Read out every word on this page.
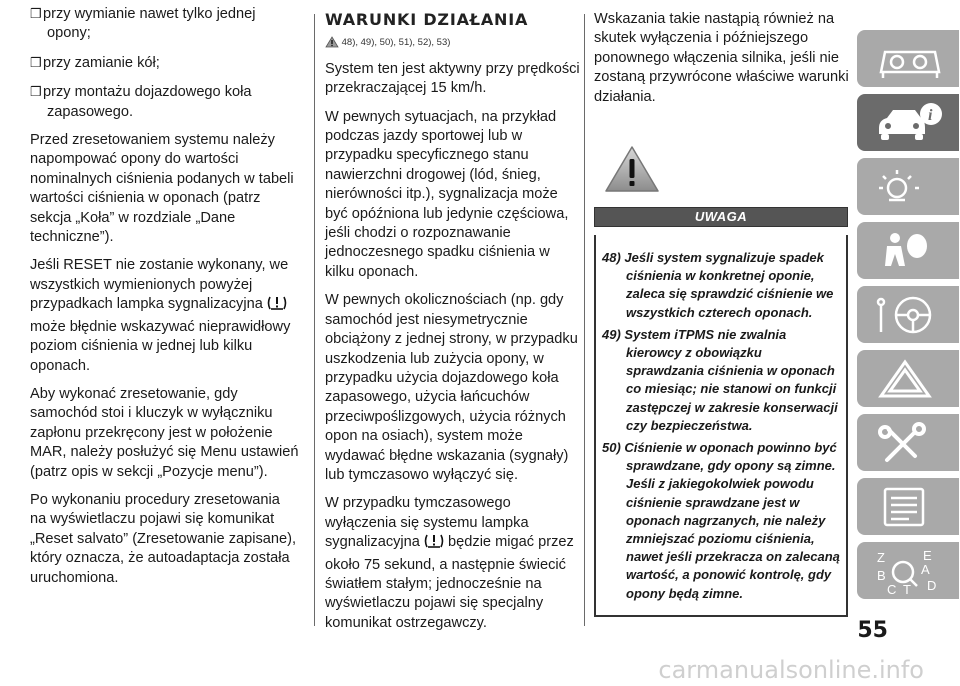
❒przy wymianie nawet tylko jednej opony;
❒przy zamianie kół;
❒przy montażu dojazdowego koła zapasowego.

Przed zresetowaniem systemu należy napompować opony do wartości nominalnych ciśnienia podanych w tabeli wartości ciśnienia w oponach (patrz sekcja „Koła” w rozdziale „Dane techniczne”).

Jeśli RESET nie zostanie wykonany, we wszystkich wymienionych powyżej przypadkach lampka sygnalizacyjna  może błędnie wskazywać nieprawidłowy poziom ciśnienia w jednej lub kilku oponach.

Aby wykonać zresetowanie, gdy samochód stoi i kluczyk w wyłączniku zapłonu przekręcony jest w położenie MAR, należy posłużyć się Menu ustawień (patrz opis w sekcji „Pozycje menu”).

Po wykonaniu procedury zresetowania na wyświetlaczu pojawi się komunikat „Reset salvato” (Zresetowanie zapisane), który oznacza, że autoadaptacja została uruchomiona.

WARUNKI DZIAŁANIA
48), 49), 50), 51), 52), 53)

System ten jest aktywny przy prędkości przekraczającej 15 km/h.

W pewnych sytuacjach, na przykład podczas jazdy sportowej lub w przypadku specyficznego stanu nawierzchni drogowej (lód, śnieg, nierówności itp.), sygnalizacja może być opóźniona lub jedynie częściowa, jeśli chodzi o rozpoznawanie jednoczesnego spadku ciśnienia w kilku oponach.

W pewnych okolicznościach (np. gdy samochód jest niesymetrycznie obciążony z jednej strony, w przypadku uszkodzenia lub zużycia opony, w przypadku użycia dojazdowego koła zapasowego, użycia łańcuchów przeciwpoślizgowych, użycia różnych opon na osiach), system może wydawać błędne wskazania (sygnały) lub tymczasowo wyłączyć się.

W przypadku tymczasowego wyłączenia się systemu lampka sygnalizacyjna będzie migać przez około 75 sekund, a następnie świecić światłem stałym; jednocześnie na wyświetlaczu pojawi się specjalny komunikat ostrzegawczy.

Wskazania takie nastąpią również na skutek wyłączenia i późniejszego ponownego włączenia silnika, jeśli nie zostaną przywrócone właściwe warunki działania.

UWAGA
48) Jeśli system sygnalizuje spadek ciśnienia w konkretnej oponie, zaleca się sprawdzić ciśnienie we wszystkich czterech oponach.
49) System iTPMS nie zwalnia kierowcy z obowiązku sprawdzania ciśnienia w oponach co miesiąc; nie stanowi on funkcji zastępczej w zakresie konserwacji czy bezpieczeństwa.
50) Ciśnienie w oponach powinno być sprawdzane, gdy opony są zimne. Jeśli z jakiegokolwiek powodu ciśnienie sprawdzane jest w oponach nagrzanych, nie należy zmniejszać poziomu ciśnienia, nawet jeśli przekracza on zalecaną wartość, a ponowić kontrolę, gdy opony będą zimne.
i
Z	E
A
B
C T D
55
carmanualsonline.info
